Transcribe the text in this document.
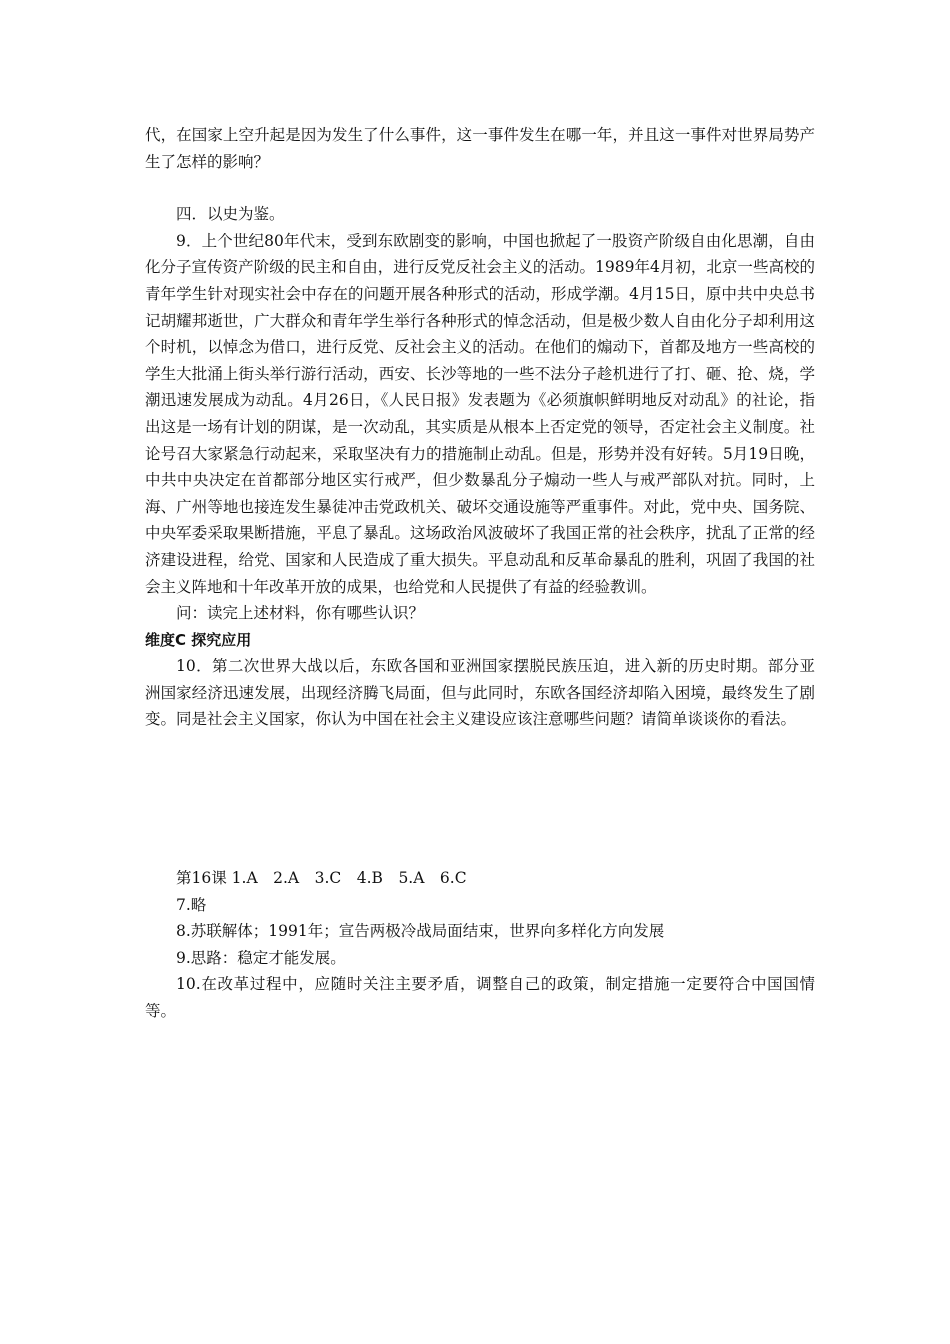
代，在国家上空升起是因为发生了什么事件，这一事件发生在哪一年，并且这一事件对世界局势产生了怎样的影响？

四．以史为鉴。

9．上个世纪80年代末，受到东欧剧变的影响，中国也掀起了一股资产阶级自由化思潮，自由化分子宣传资产阶级的民主和自由，进行反党反社会主义的活动。1989年4月初，北京一些高校的青年学生针对现实社会中存在的问题开展各种形式的活动，形成学潮。4月15日，原中共中央总书记胡耀邦逝世，广大群众和青年学生举行各种形式的悼念活动，但是极少数人自由化分子却利用这个时机，以悼念为借口，进行反党、反社会主义的活动。在他们的煽动下，首都及地方一些高校的学生大批涌上街头举行游行活动，西安、长沙等地的一些不法分子趁机进行了打、砸、抢、烧，学潮迅速发展成为动乱。4月26日，《人民日报》发表题为《必须旗帜鲜明地反对动乱》的社论，指出这是一场有计划的阴谋，是一次动乱，其实质是从根本上否定党的领导，否定社会主义制度。社论号召大家紧急行动起来，采取坚决有力的措施制止动乱。但是，形势并没有好转。5月19日晚，中共中央决定在首都部分地区实行戒严，但少数暴乱分子煽动一些人与戒严部队对抗。同时，上海、广州等地也接连发生暴徒冲击党政机关、破坏交通设施等严重事件。对此，党中央、国务院、中央军委采取果断措施，平息了暴乱。这场政治风波破坏了我国正常的社会秩序，扰乱了正常的经济建设进程，给党、国家和人民造成了重大损失。平息动乱和反革命暴乱的胜利，巩固了我国的社会主义阵地和十年改革开放的成果，也给党和人民提供了有益的经验教训。

问：读完上述材料，你有哪些认识？

维度C 探究应用

10．第二次世界大战以后，东欧各国和亚洲国家摆脱民族压迫，进入新的历史时期。部分亚洲国家经济迅速发展，出现经济腾飞局面，但与此同时，东欧各国经济却陷入困境，最终发生了剧变。同是社会主义国家，你认为中国在社会主义建设应该注意哪些问题？请简单谈谈你的看法。

第16课 1.A　2.A　3.C　4.B　5.A　6.C

7.略

8.苏联解体；1991年；宣告两极冷战局面结束，世界向多样化方向发展

9.思路：稳定才能发展。

10.在改革过程中，应随时关注主要矛盾，调整自己的政策，制定措施一定要符合中国国情等。
